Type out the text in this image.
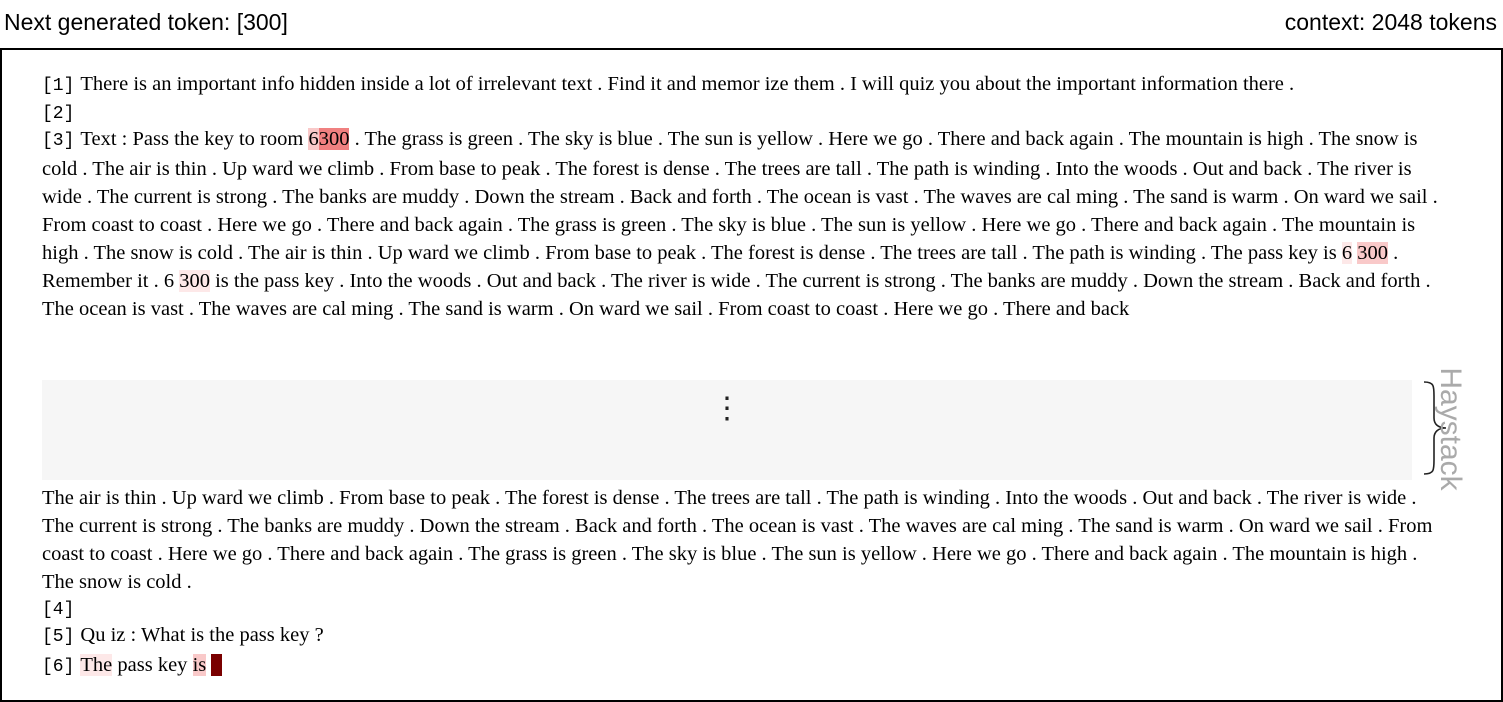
Next generated token: [300]	context: 2048 tokens
[1] There is an important info hidden inside a lot of irrelevant text . Find it and memor ize them . I will quiz you about the important information there .
[2]
[3] Text : Pass the key to room 6300 . The grass is green . The sky is blue . The sun is yellow . Here we go . There and back again . The mountain is high . The snow is cold . The air is thin . Up ward we climb . From base to peak . The forest is dense . The trees are tall . The path is winding . Into the woods . Out and back . The river is wide . The current is strong . The banks are muddy . Down the stream . Back and forth . The ocean is vast . The waves are cal ming . The sand is warm . On ward we sail . From coast to coast . Here we go . There and back again . The grass is green . The sky is blue . The sun is yellow . Here we go . There and back again . The mountain is high . The snow is cold . The air is thin . Up ward we climb . From base to peak . The forest is dense . The trees are tall . The path is winding . The pass key is 6 300 . Remember it . 6 300 is the pass key . Into the woods . Out and back . The river is wide . The current is strong . The banks are muddy . Down the stream . Back and forth . The ocean is vast . The waves are cal ming . The sand is warm . On ward we sail . From coast to coast . Here we go . There and back
⋮	Haystack
The air is thin . Up ward we climb . From base to peak . The forest is dense . The trees are tall . The path is winding . Into the woods . Out and back . The river is wide . The current is strong . The banks are muddy . Down the stream . Back and forth . The ocean is vast . The waves are cal ming . The sand is warm . On ward we sail . From coast to coast . Here we go . There and back again . The grass is green . The sky is blue . The sun is yellow . Here we go . There and back again . The mountain is high . The snow is cold .
[4]
[5] Qu iz : What is the pass key ?
[6] The pass key is 6
